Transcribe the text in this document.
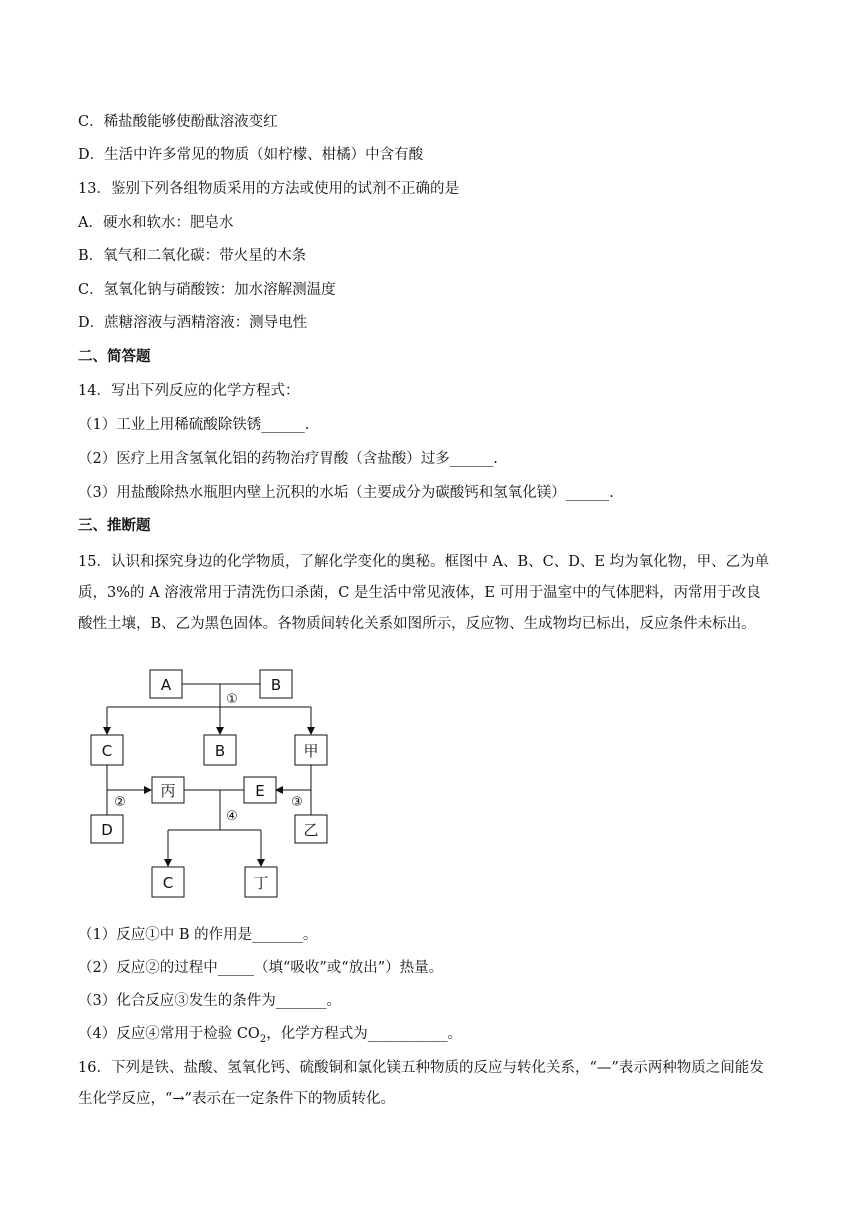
C．稀盐酸能够使酚酞溶液变红
D．生活中许多常见的物质（如柠檬、柑橘）中含有酸
13．鉴别下列各组物质采用的方法或使用的试剂不正确的是
A．硬水和软水：肥皂水
B．氧气和二氧化碳：带火星的木条
C．氢氧化钠与硝酸铵：加水溶解测温度
D．蔗糖溶液与酒精溶液：测导电性
二、简答题
14．写出下列反应的化学方程式：
（1）工业上用稀硫酸除铁锈______.
（2）医疗上用含氢氧化铝的药物治疗胃酸（含盐酸）过多______.
（3）用盐酸除热水瓶胆内壁上沉积的水垢（主要成分为碳酸钙和氢氧化镁）______.
三、推断题
15．认识和探究身边的化学物质，了解化学变化的奥秘。框图中 A、B、C、D、E 均为氧化物，甲、乙为单
质，3%的 A 溶液常用于清洗伤口杀菌，C 是生活中常见液体，E 可用于温室中的气体肥料，丙常用于改良
酸性土壤，B、乙为黑色固体。各物质间转化关系如图所示，反应物、生成物均已标出，反应条件未标出。
A	B
①
C	B	甲
丙	E
②	③
④
D	乙
C	丁
（1）反应①中 B 的作用是_______。
（2）反应②的过程中_____（填“吸收”或“放出”）热量。
（3）化合反应③发生的条件为_______。
（4）反应④常用于检验 $CO_2$，化学方程式为___________。
16．下列是铁、盐酸、氢氧化钙、硫酸铜和氯化镁五种物质的反应与转化关系，“—”表示两种物质之间能发
生化学反应，“→”表示在一定条件下的物质转化。
